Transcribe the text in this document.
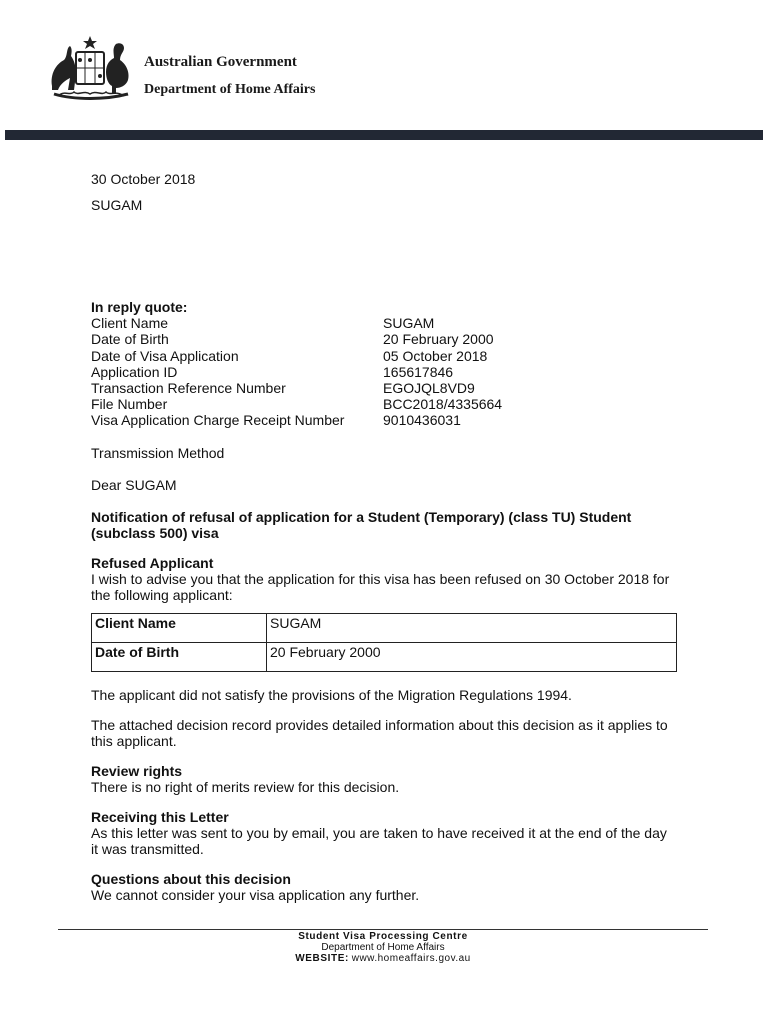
Australian Government
Department of Home Affairs

30 October 2018

SUGAM

In reply quote:
Client Name	SUGAM
Date of Birth	20 February 2000
Date of Visa Application	05 October 2018
Application ID	165617846
Transaction Reference Number	EGOJQL8VD9
File Number	BCC2018/4335664
Visa Application Charge Receipt Number	9010436031

Transmission Method

Dear SUGAM

Notification of refusal of application for a Student (Temporary) (class TU) Student (subclass 500) visa

Refused Applicant

I wish to advise you that the application for this visa has been refused on 30 October 2018 for the following applicant:

Client Name	SUGAM
Date of Birth	20 February 2000

The applicant did not satisfy the provisions of the Migration Regulations 1994.

The attached decision record provides detailed information about this decision as it applies to this applicant.

Review rights

There is no right of merits review for this decision.

Receiving this Letter

As this letter was sent to you by email, you are taken to have received it at the end of the day it was transmitted.

Questions about this decision

We cannot consider your visa application any further.

Student Visa Processing Centre
Department of Home Affairs
WEBSITE: www.homeaffairs.gov.au
